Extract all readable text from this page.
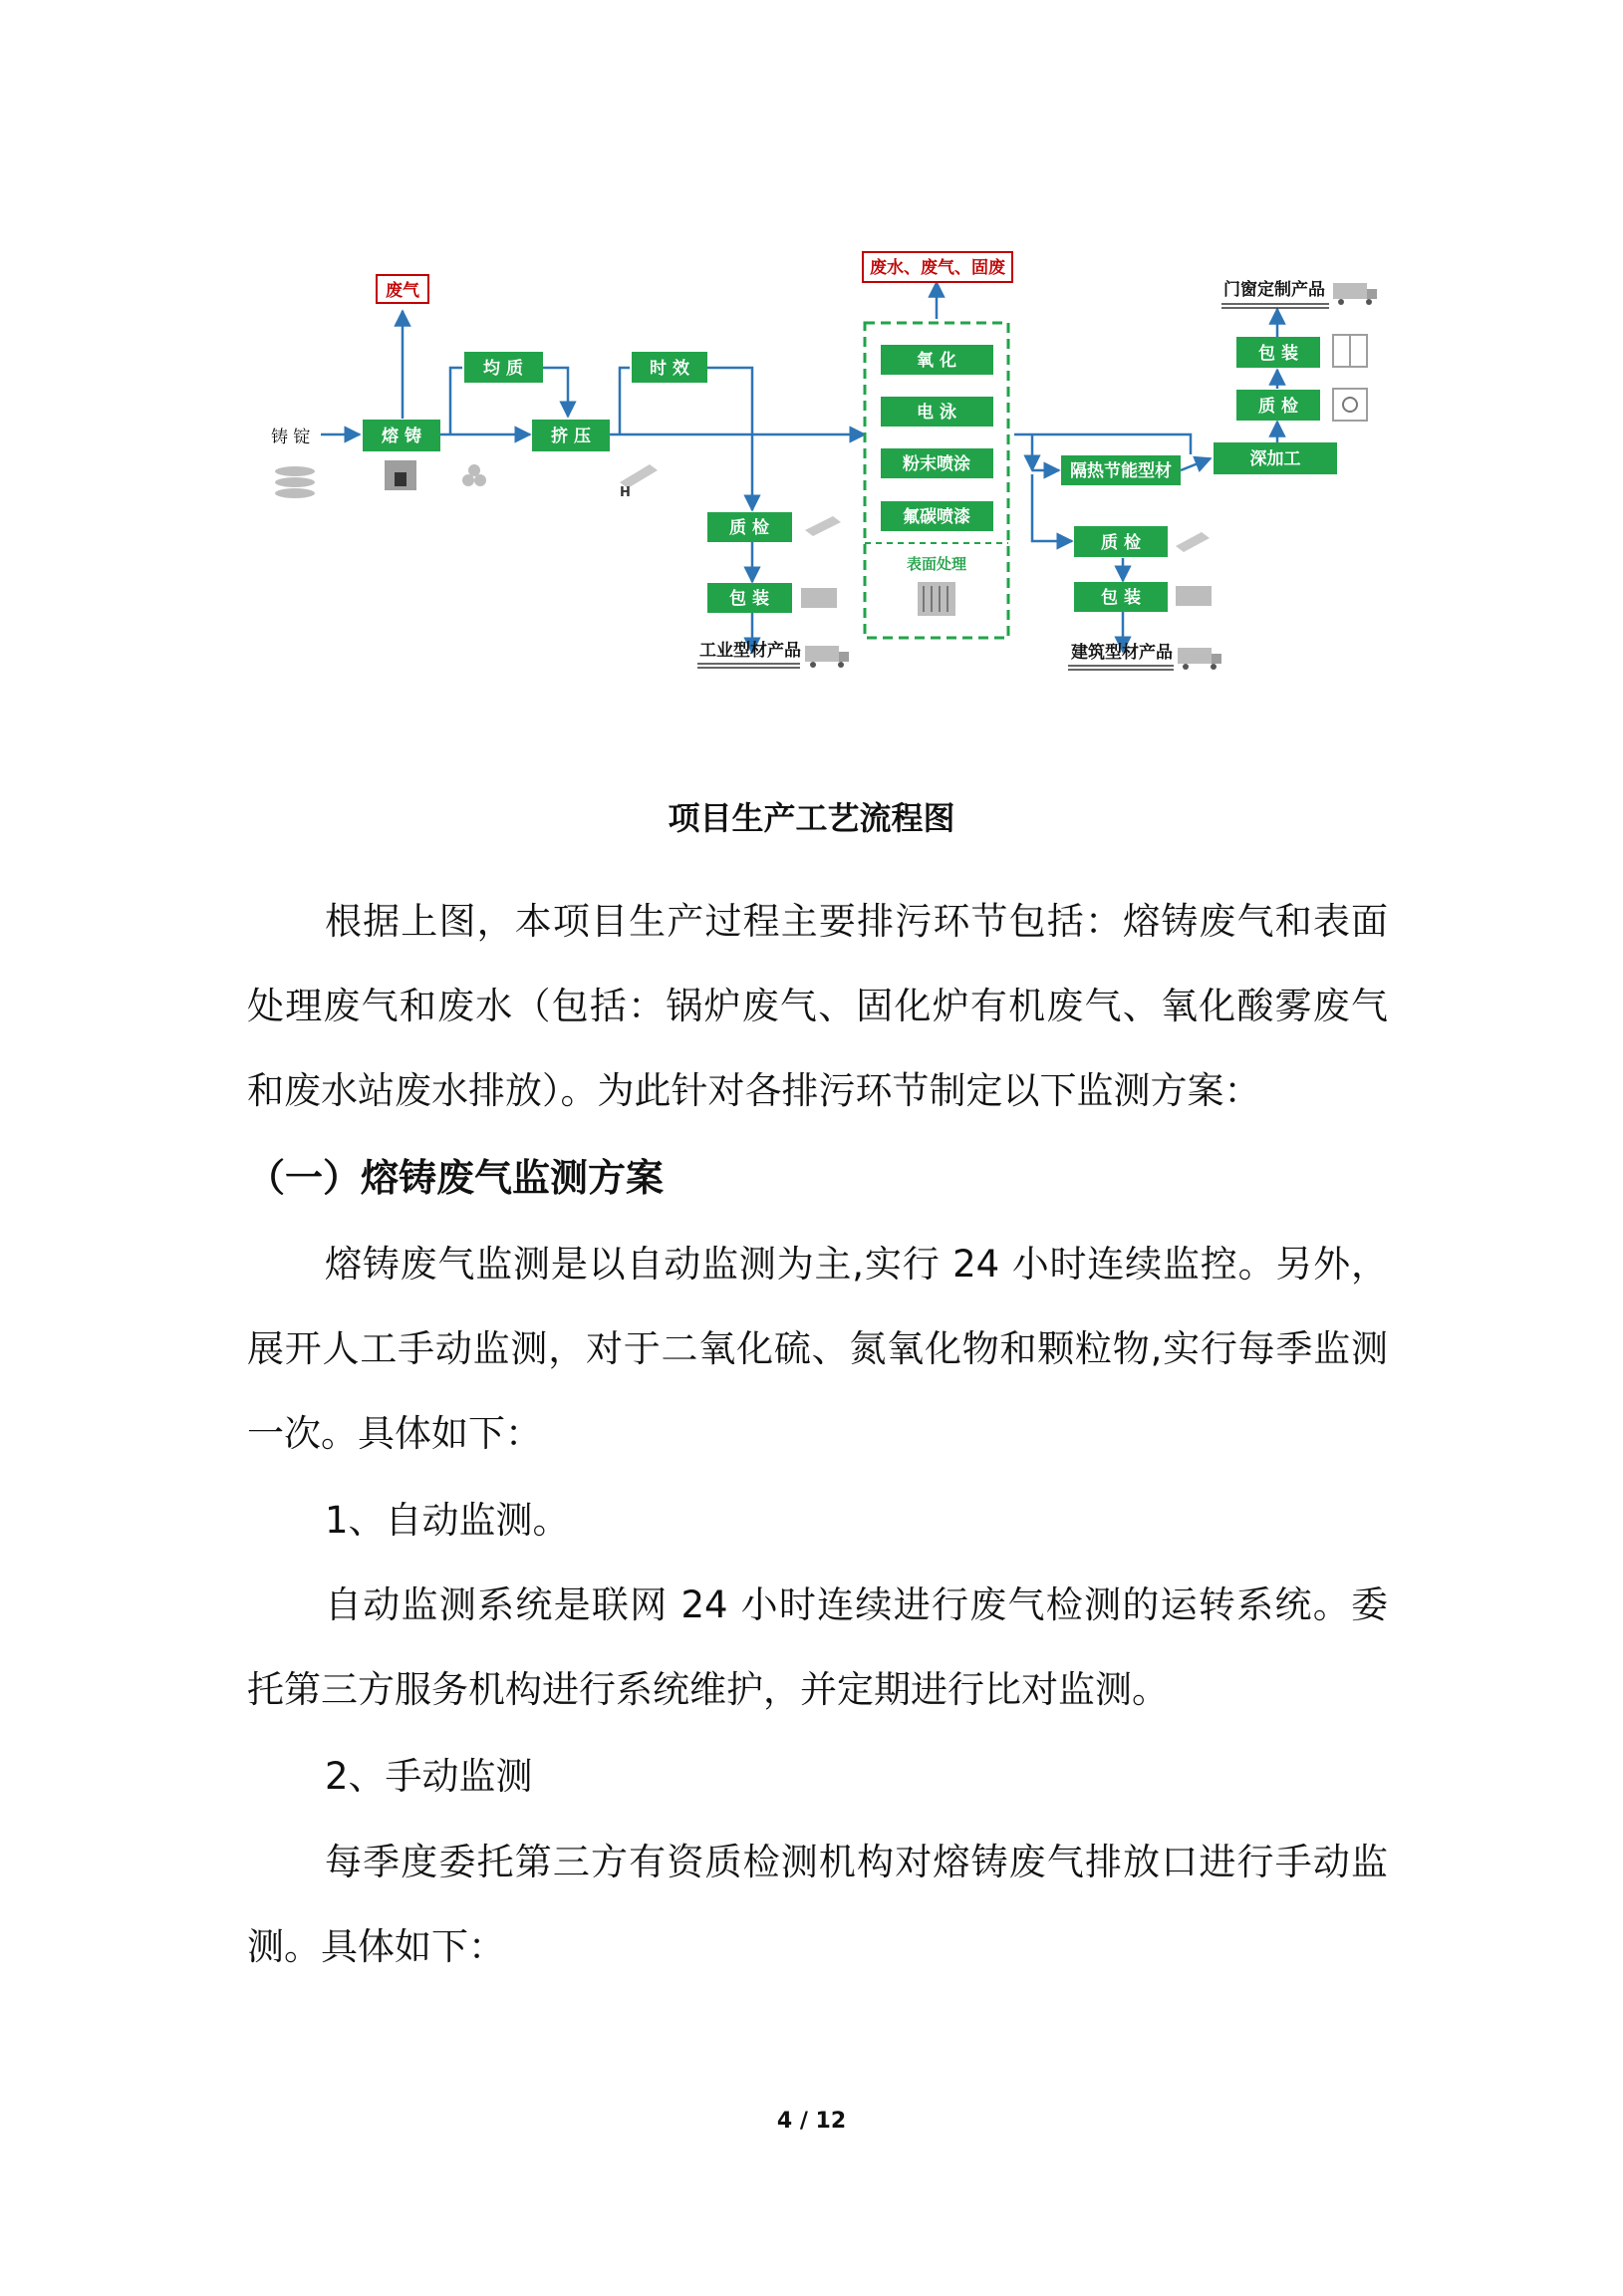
铸 锭	熔 铸
废气
均 质
挤 压
H
时 效
质 检
包 装
工业型材产品
废水、废气、固废
氧 化
电 泳
粉末喷涂
氟碳喷漆
表面处理
隔热节能型材
质 检
包 装
建筑型材产品
深加工
质 检
包 装
门窗定制产品
项目生产工艺流程图
根据上图，本项目生产过程主要排污环节包括：熔铸废气和表面处理废气和废水（包括：锅炉废气、固化炉有机废气、氧化酸雾废气和废水站废水排放）。为此针对各排污环节制定以下监测方案：
（一）熔铸废气监测方案
熔铸废气监测是以自动监测为主,实行 24 小时连续监控。另外，展开人工手动监测，对于二氧化硫、氮氧化物和颗粒物,实行每季监测一次。具体如下：
1、自动监测。
自动监测系统是联网 24 小时连续进行废气检测的运转系统。委托第三方服务机构进行系统维护，并定期进行比对监测。
2、手动监测
每季度委托第三方有资质检测机构对熔铸废气排放口进行手动监测。具体如下：
4 / 12
